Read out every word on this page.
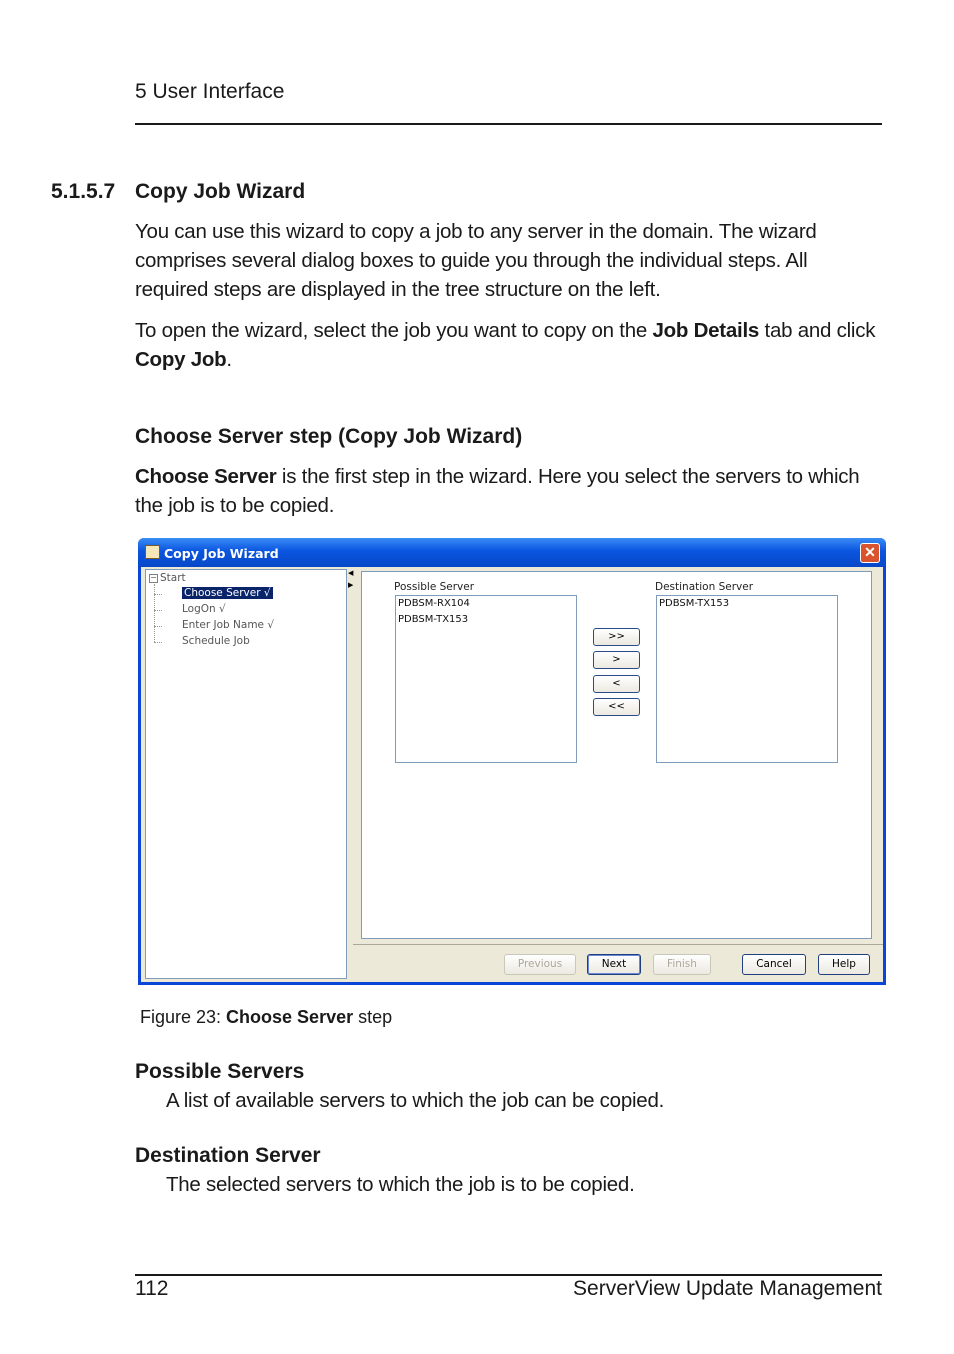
5 User Interface
5.1.5.7 Copy Job Wizard
You can use this wizard to copy a job to any server in the domain. The wizard comprises several dialog boxes to guide you through the individual steps. All required steps are displayed in the tree structure on the left.
To open the wizard, select the job you want to copy on the Job Details tab and click Copy Job.
Choose Server step (Copy Job Wizard)
Choose Server is the first step in the wizard. Here you select the servers to which the job is to be copied.
Copy Job Wizard	✕
− Start
Choose Server √
LogOn √
Enter Job Name √
Schedule Job
◀
▶	Possible Server
PDBSM-RX104
PDBSM-TX153
>>
>
<
<<
Destination Server
PDBSM-TX153
Previous	Next	Finish	Cancel	Help
Figure 23: Choose Server step
Possible Servers
A list of available servers to which the job can be copied.
Destination Server
The selected servers to which the job is to be copied.
112	ServerView Update Management
